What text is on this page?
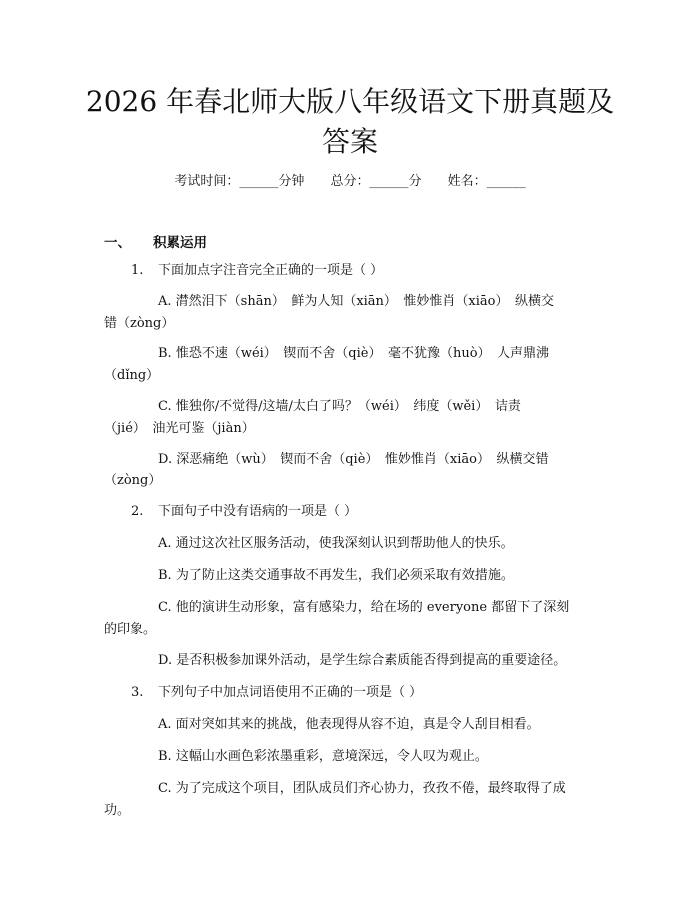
2026 年春北师大版八年级语文下册真题及答案
考试时间：______分钟 总分：______分 姓名：______
一、 积累运用
1. 下面加点字注音完全正确的一项是（ ）
A. 潸然泪下（shān）　鲜为人知（xiān）　惟妙惟肖（xiāo）　纵横交
错（zòng）
B. 惟恐不速（wéi）　锲而不舍（qiè）　毫不犹豫（huò）　人声鼎沸
（dǐng）
C. 惟独你/不觉得/这墙/太白了吗？（wéi）　纬度（wěi）　诘责
（jié）　油光可鉴（jiàn）
D. 深恶痛绝（wù）　锲而不舍（qiè）　惟妙惟肖（xiāo）　纵横交错
（zòng）
2. 下面句子中没有语病的一项是（ ）
A. 通过这次社区服务活动，使我深刻认识到帮助他人的快乐。
B. 为了防止这类交通事故不再发生，我们必须采取有效措施。
C. 他的演讲生动形象，富有感染力，给在场的 everyone 都留下了深刻
的印象。
D. 是否积极参加课外活动，是学生综合素质能否得到提高的重要途径。
3. 下列句子中加点词语使用不正确的一项是（ ）
A. 面对突如其来的挑战，他表现得从容不迫，真是令人刮目相看。
B. 这幅山水画色彩浓墨重彩，意境深远，令人叹为观止。
C. 为了完成这个项目，团队成员们齐心协力，孜孜不倦，最终取得了成
功。
